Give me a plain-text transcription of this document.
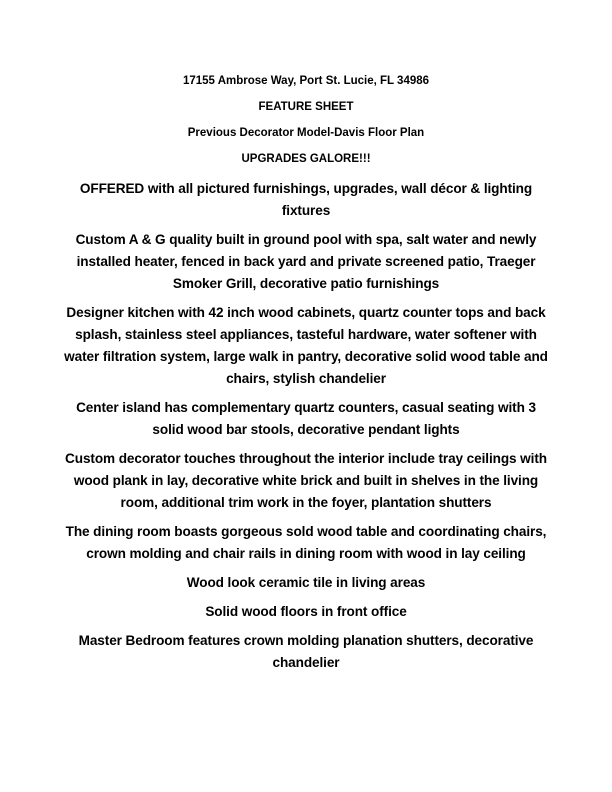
17155 Ambrose Way, Port St. Lucie, FL 34986

FEATURE SHEET

Previous Decorator Model-Davis Floor Plan

UPGRADES GALORE!!!

OFFERED with all pictured furnishings, upgrades, wall décor & lighting fixtures

Custom A & G quality built in ground pool with spa, salt water and newly installed heater, fenced in back yard and private screened patio, Traeger Smoker Grill, decorative patio furnishings

Designer kitchen with 42 inch wood cabinets, quartz counter tops and back splash, stainless steel appliances, tasteful hardware, water softener with water filtration system, large walk in pantry, decorative solid wood table and chairs, stylish chandelier

Center island has complementary quartz counters, casual seating with 3 solid wood bar stools, decorative pendant lights

Custom decorator touches throughout the interior include tray ceilings with wood plank in lay, decorative white brick and built in shelves in the living room, additional trim work in the foyer, plantation shutters

The dining room boasts gorgeous sold wood table and coordinating chairs, crown molding and chair rails in dining room with wood in lay ceiling

Wood look ceramic tile in living areas

Solid wood floors in front office

Master Bedroom features crown molding planation shutters, decorative chandelier
